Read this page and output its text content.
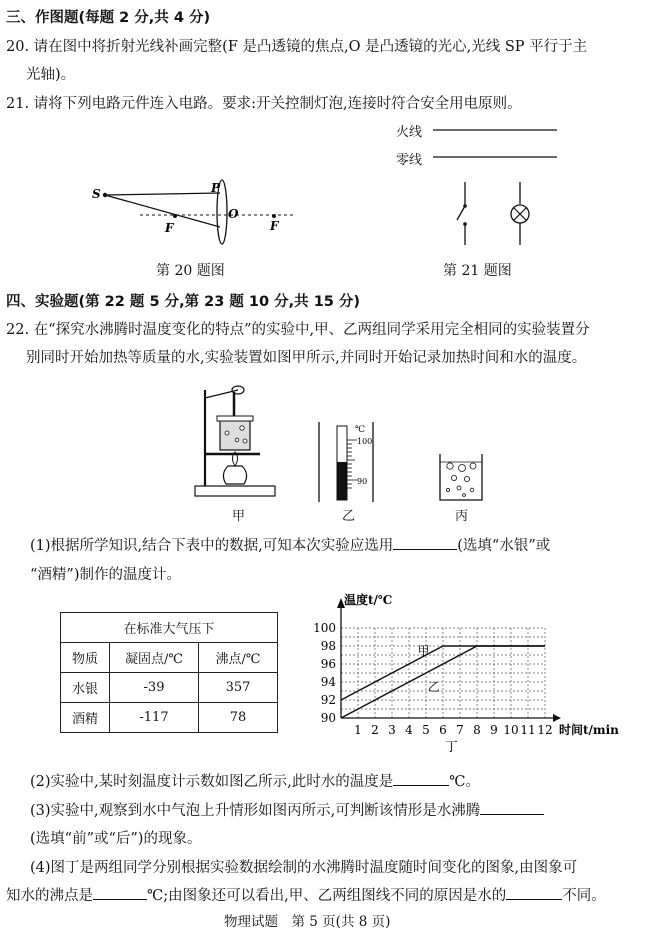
三、作图题(每题 2 分,共 4 分)
20. 请在图中将折射光线补画完整(F 是凸透镜的焦点,O 是凸透镜的光心,光线 SP 平行于主
光轴)。
21. 请将下列电路元件连入电路。要求:开关控制灯泡,连接时符合安全用电原则。
S	P
O
F	F
第 20 题图
火线
零线
第 21 题图
四、实验题(第 22 题 5 分,第 23 题 10 分,共 15 分)
22. 在“探究水沸腾时温度变化的特点”的实验中,甲、乙两组同学采用完全相同的实验装置分
别同时开始加热等质量的水,实验装置如图甲所示,并同时开始记录加热时间和水的温度。
甲
℃
100
90
乙	丙
(1)根据所学知识,结合下表中的数据,可知本次实验应选用	(选填“水银”或
“酒精”)制作的温度计。
在标准大气压下		
物质	凝固点/℃	沸点/℃
水银	-39	357
酒精	-117	78
1 2 3 4 5 6 7 8 9 10 11 12
90
92
94
96
98
100
温度t/℃
时间t/min
甲
乙
丁
(2)实验中,某时刻温度计示数如图乙所示,此时水的温度是	℃。
(3)实验中,观察到水中气泡上升情形如图丙所示,可判断该情形是水沸腾
(选填“前”或“后”)的现象。
(4)图丁是两组同学分别根据实验数据绘制的水沸腾时温度随时间变化的图象,由图象可
知水的沸点是	℃;由图象还可以看出,甲、乙两组图线不同的原因是水的	不同。
物理试题　第 5 页(共 8 页)
